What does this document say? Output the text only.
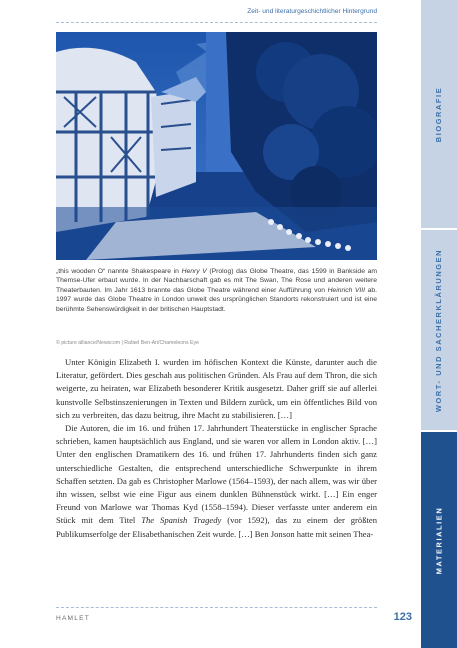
Zeit- und literaturgeschichtlicher Hintergrund

„this wooden O“ nannte Shakespeare in Henry V (Prolog) das Globe Theatre, das 1599 in Bankside am Themse-Ufer erbaut wurde. In der Nachbarschaft gab es mit The Swan, The Rose und anderen weitere Theaterbauten. Im Jahr 1613 brannte das Globe Theatre während einer Aufführung von Heinrich VIII ab. 1997 wurde das Globe Theatre in London unweit des ursprünglichen Standorts rekonstruiert und ist eine berühmte Sehenswürdigkeit in der britischen Hauptstadt.

© picture alliance/Newscom | Rafael Ben-Ari/Chameleons Eye

Unter Königin Elizabeth I. wurden im höfischen Kontext die Künste, darunter auch die Literatur, gefördert. Dies geschah aus politischen Gründen. Als Frau auf dem Thron, die sich weigerte, zu heiraten, war Elizabeth besonderer Kritik ausgesetzt. Daher griff sie auf allerlei kunstvolle Selbstinszenierungen in Texten und Bildern zurück, um ein öffentliches Bild von sich zu verbreiten, das dazu beitrug, ihre Macht zu stabilisieren. […]

Die Autoren, die im 16. und frühen 17. Jahrhundert Theaterstücke in englischer Sprache schrieben, kamen hauptsächlich aus England, und sie waren vor allem in London aktiv. […] Unter den englischen Dramatikern des 16. und frühen 17. Jahrhunderts finden sich ganz unterschiedliche Gestalten, die entsprechend unterschiedliche Schwerpunkte in ihrem Schaffen setzten. Da gab es Christopher Marlowe (1564–1593), der nach allem, was wir über ihn wissen, selbst wie eine Figur aus einem dunklen Bühnenstück wirkt. […] Ein enger Freund von Marlowe war Thomas Kyd (1558–1594). Dieser verfasste unter anderem ein Stück mit dem Titel The Spanish Tragedy (vor 1592), das zu einem der größten Publikumserfolge der Elisabethanischen Zeit wurde. […] Ben Jonson hatte mit seinen Thea-

HAMLET	123
BIOGRAFIE
WORT- UND SACHERKLÄRUNGEN
MATERIALIEN
